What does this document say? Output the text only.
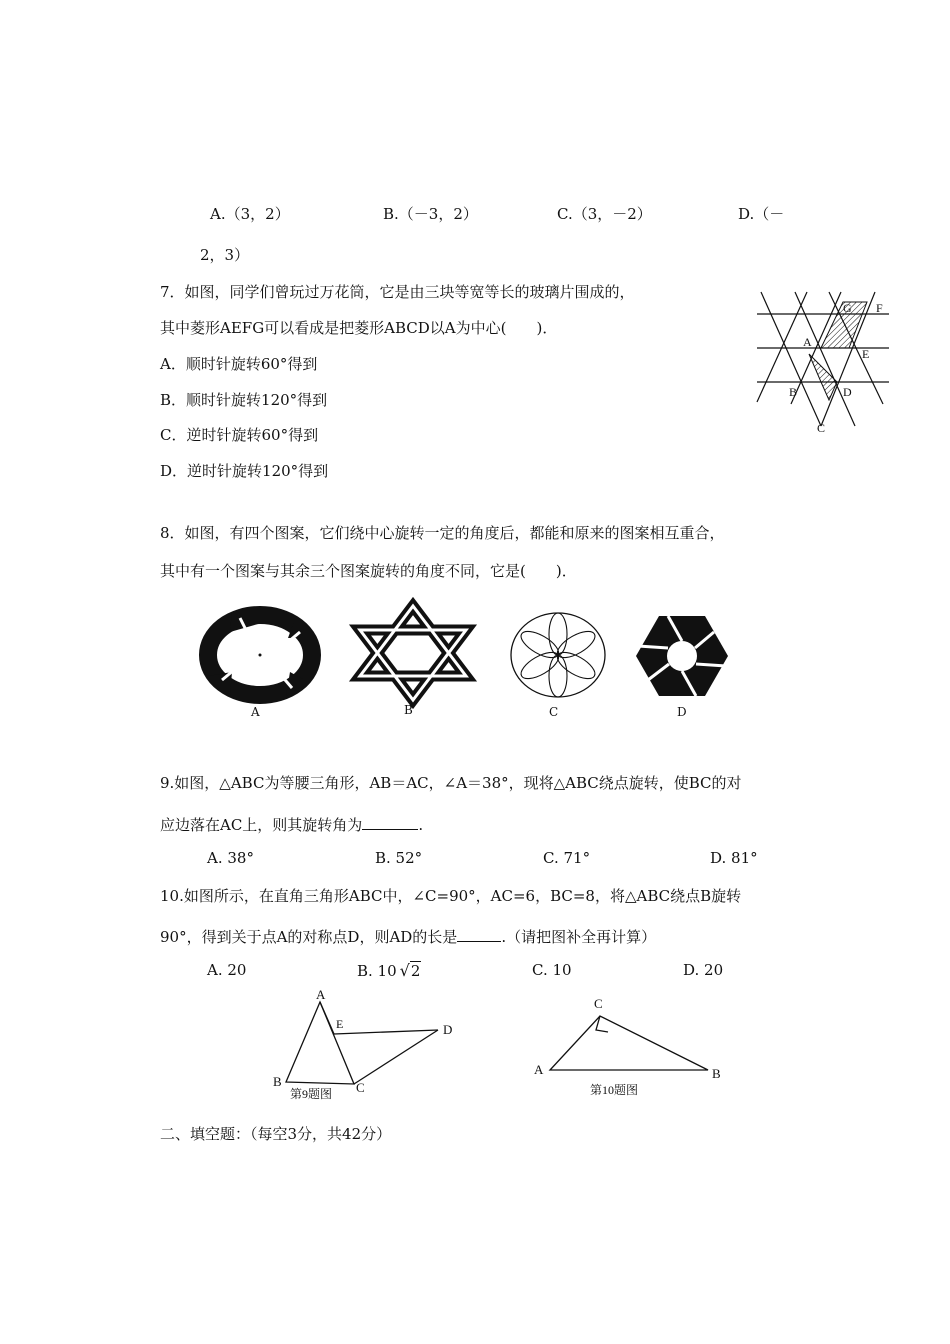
A.（3，2）	B.（－3，2）	C.（3，－2）	D.（－
2，3）
7．如图，同学们曾玩过万花筒，它是由三块等宽等长的玻璃片围成的，
其中菱形AEFG可以看成是把菱形ABCD以A为中心(　　)．
A．顺时针旋转60°得到
B．顺时针旋转120°得到
C．逆时针旋转60°得到
D．逆时针旋转120°得到
A
B
C
D
E
F
G
8．如图，有四个图案，它们绕中心旋转一定的角度后，都能和原来的图案相互重合，
其中有一个图案与其余三个图案旋转的角度不同，它是(　　)．
A	B	C	D
9.如图，△ABC为等腰三角形，AB＝AC，∠A＝38°，现将△ABC绕点旋转，使BC的对
应边落在AC上，则其旋转角为	.
A. 38°	B. 52°	C. 71°	D. 81°
10.如图所示，在直角三角形ABC中，∠C=90°，AC=6，BC=8，将△ABC绕点B旋转
90°，得到关于点A的对称点D，则AD的长是	.（请把图补全再计算）
A. 20	B. 10 √2	C. 10	D. 20
A
B	C
D
E
第9题图
C
A	B
第10题图
二、填空题：（每空3分，共42分）
